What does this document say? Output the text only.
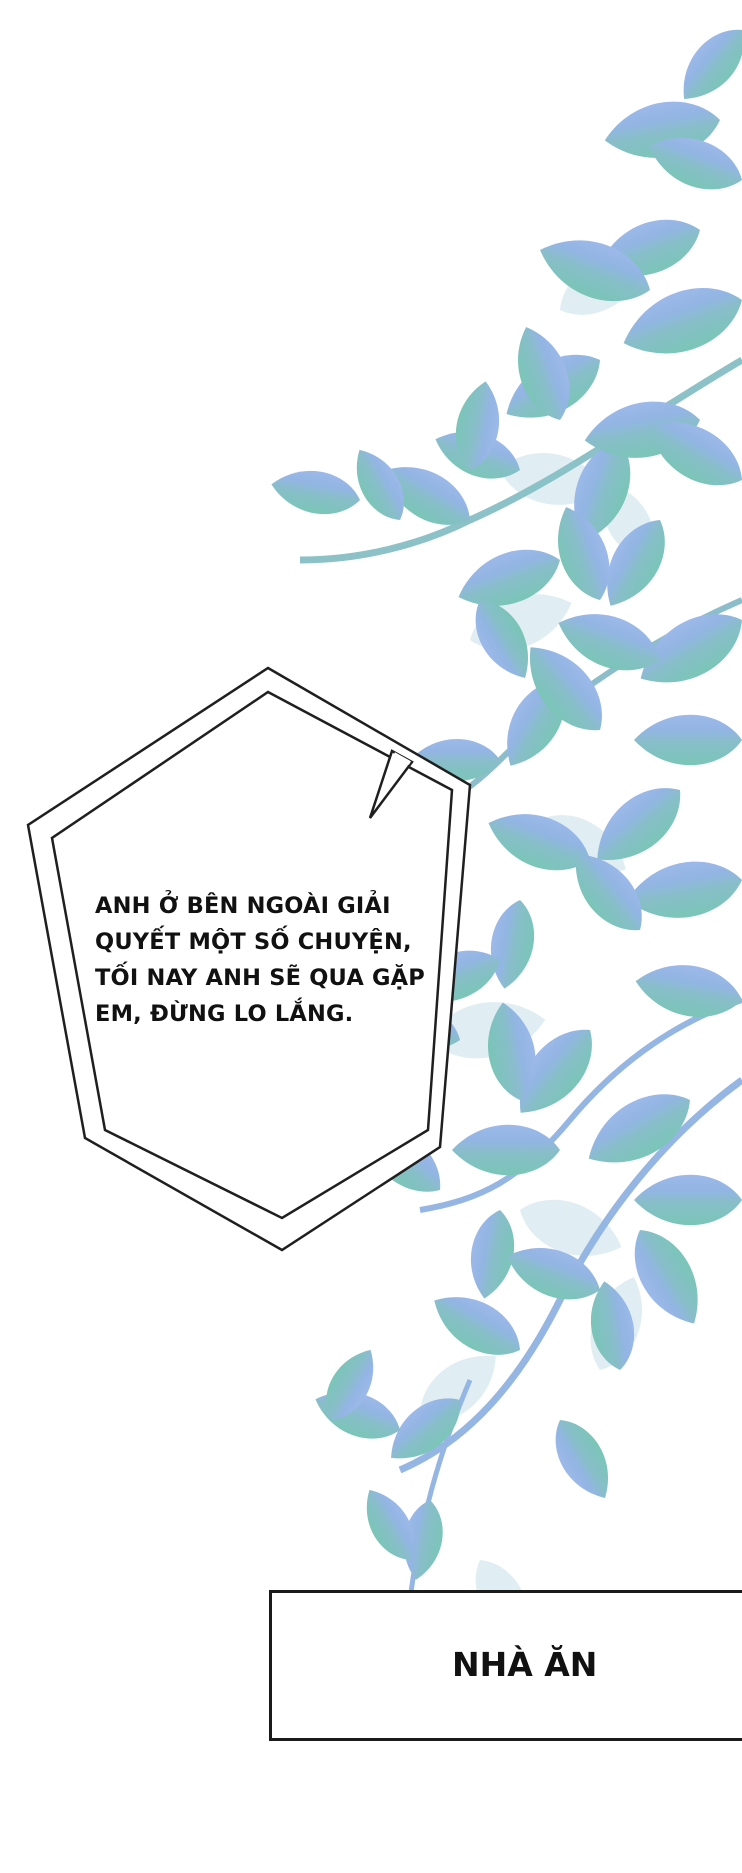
ANH Ở BÊN NGOÀI GIẢI
QUYẾT MỘT SỐ CHUYỆN,
TỐI NAY ANH SẼ QUA GẶP
EM, ĐỪNG LO LẮNG.

NHÀ ĂN
